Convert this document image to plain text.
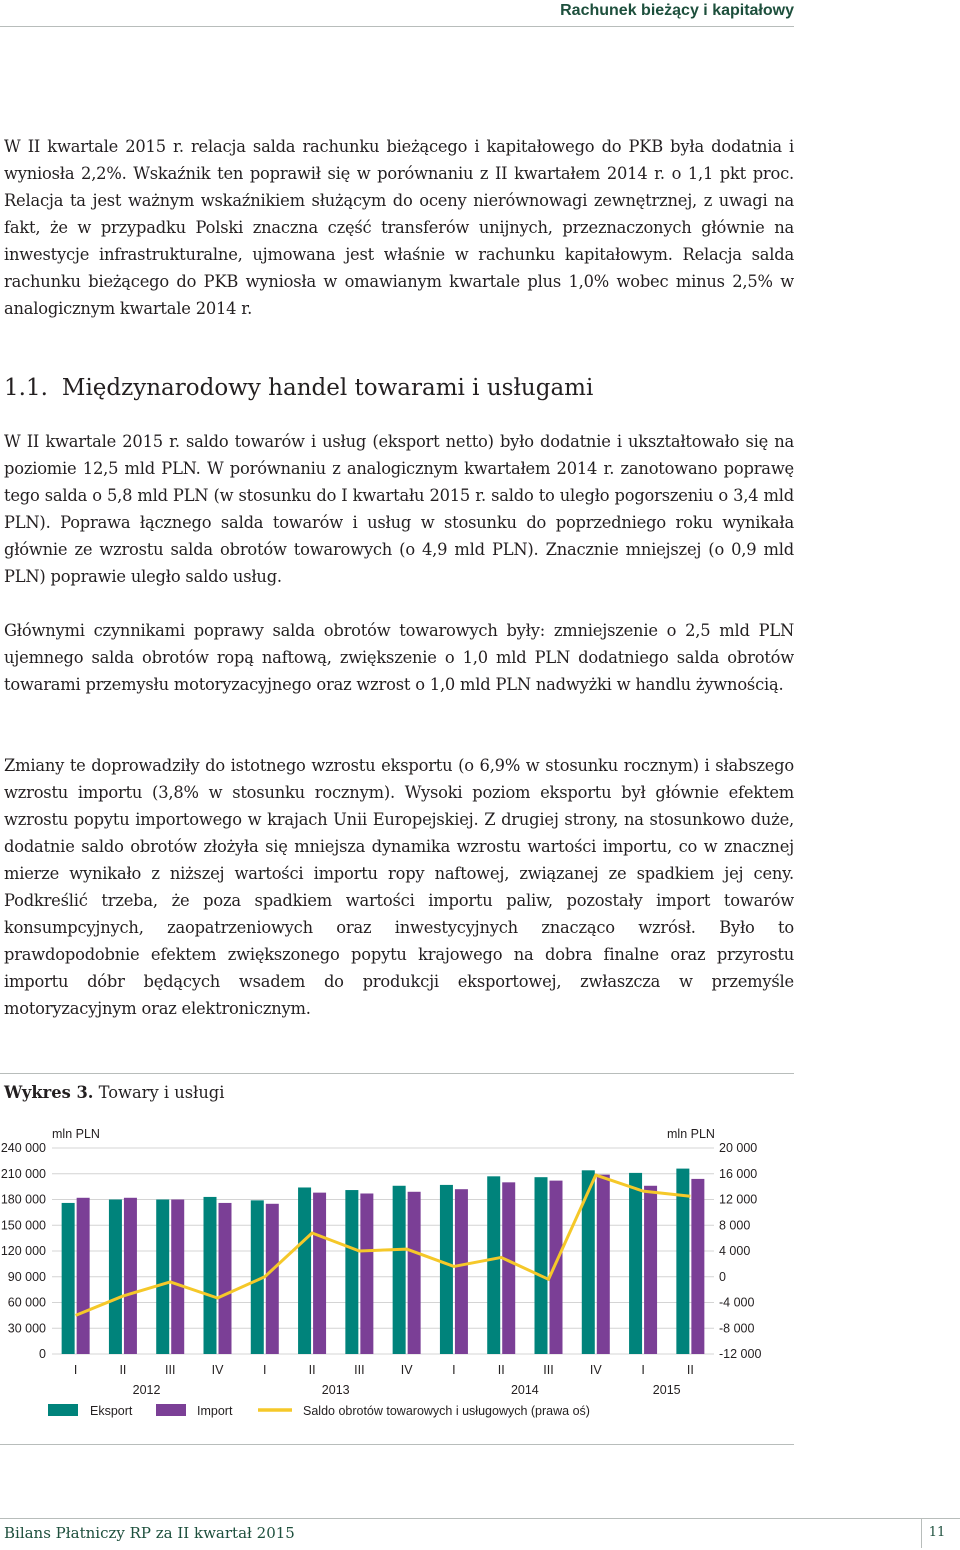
Rachunek bieżący i kapitałowy

W II kwartale 2015 r. relacja salda rachunku bieżącego i kapitałowego do PKB była dodatnia i wyniosła 2,2%. Wskaźnik ten poprawił się w porównaniu z II kwartałem 2014 r. o 1,1 pkt proc. Relacja ta jest ważnym wskaźnikiem służącym do oceny nierównowagi zewnętrznej, z uwagi na fakt, że w przypadku Polski znaczna część transferów unijnych, przeznaczonych głównie na inwestycje infrastrukturalne, ujmowana jest właśnie w rachunku kapitałowym. Relacja salda rachunku bieżącego do PKB wyniosła w omawianym kwartale plus 1,0% wobec minus 2,5% w analogicznym kwartale 2014 r.

1.1. Międzynarodowy handel towarami i usługami

W II kwartale 2015 r. saldo towarów i usług (eksport netto) było dodatnie i ukształtowało się na poziomie 12,5 mld PLN. W porównaniu z analogicznym kwartałem 2014 r. zanotowano poprawę tego salda o 5,8 mld PLN (w stosunku do I kwartału 2015 r. saldo to uległo pogorszeniu o 3,4 mld PLN). Poprawa łącznego salda towarów i usług w stosunku do poprzedniego roku wynikała głównie ze wzrostu salda obrotów towarowych (o 4,9 mld PLN). Znacznie mniejszej (o 0,9 mld PLN) poprawie uległo saldo usług.

Głównymi czynnikami poprawy salda obrotów towarowych były: zmniejszenie o 2,5 mld PLN ujemnego salda obrotów ropą naftową, zwiększenie o 1,0 mld PLN dodatniego salda obrotów towarami przemysłu motoryzacyjnego oraz wzrost o 1,0 mld PLN nadwyżki w handlu żywnością.

Zmiany te doprowadziły do istotnego wzrostu eksportu (o 6,9% w stosunku rocznym) i słabszego wzrostu importu (3,8% w stosunku rocznym). Wysoki poziom eksportu był głównie efektem wzrostu popytu importowego w krajach Unii Europejskiej. Z drugiej strony, na stosunkowo duże, dodatnie saldo obrotów złożyła się mniejsza dynamika wzrostu wartości importu, co w znacznej mierze wynikało z niższej wartości importu ropy naftowej, związanej ze spadkiem jej ceny. Podkreślić trzeba, że poza spadkiem wartości importu paliw, pozostały import towarów konsumpcyjnych, zaopatrzeniowych oraz inwestycyjnych znacząco wzrósł. Było to prawdopodobnie efektem zwiększonego popytu krajowego na dobra finalne oraz przyrostu importu dóbr będących wsadem do produkcji eksportowej, zwłaszcza w przemyśle motoryzacyjnym oraz elektronicznym.

Wykres 3. Towary i usługi
mln PLN	mln PLN
240 000
210 000
180 000
150 000
120 000
90 000
60 000
30 000
0
20 000
16 000
12 000
8 000
4 000
0
-4 000
-8 000
-12 000
I	II	III	IV	I	II	III	IV	I	II	III	IV	I	II
2012	2013	2014	2015
Eksport	Import	Saldo obrotów towarowych i usługowych (prawa oś)
Bilans Płatniczy RP za II kwartał 2015	11
